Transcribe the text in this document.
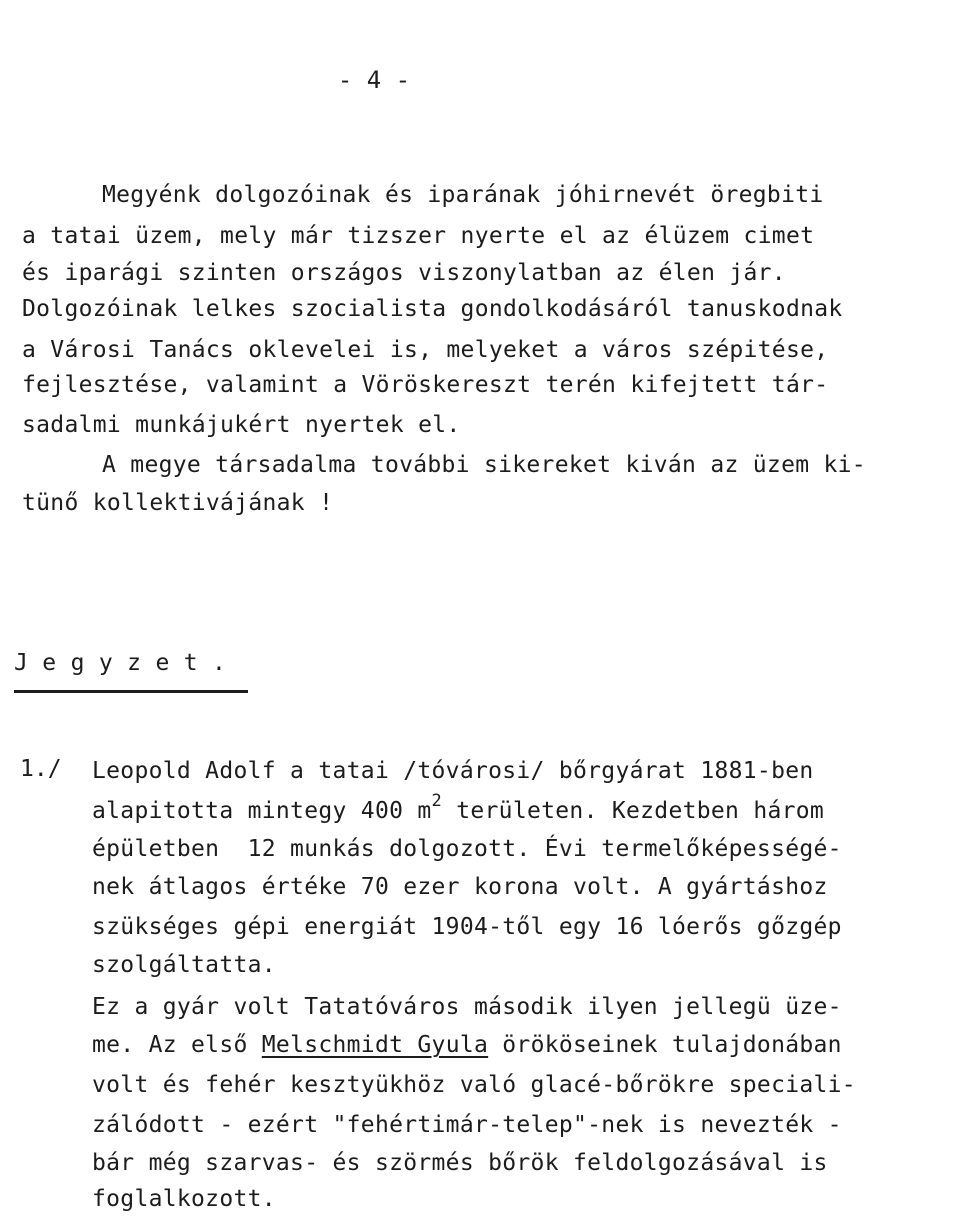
- 4 -
Megyénk dolgozóinak és iparának jóhirnevét öregbiti
a tatai üzem, mely már tizszer nyerte el az élüzem cimet
és iparági szinten országos viszonylatban az élen jár.
Dolgozóinak lelkes szocialista gondolkodásáról tanuskodnak
a Városi Tanács oklevelei is, melyeket a város szépitése,
fejlesztése, valamint a Vöröskereszt terén kifejtett tár-
sadalmi munkájukért nyertek el.
A megye társadalma további sikereket kiván az üzem ki-
tünő kollektivájának !
J e g y z e t .
1./ Leopold Adolf a tatai /tóvárosi/ bőrgyárat 1881-ben
alapitotta mintegy 400 $m^2$ területen. Kezdetben három
épületben  12 munkás dolgozott. Évi termelőképességé-
nek átlagos értéke 70 ezer korona volt. A gyártáshoz
szükséges gépi energiát 1904-től egy 16 lóerős gőzgép
szolgáltatta.
Ez a gyár volt Tatatóváros második ilyen jellegü üze-
me. Az első Melschmidt Gyula örököseinek tulajdonában
volt és fehér kesztyükhöz való glacé-bőrökre speciali-
zálódott - ezért "fehértimár-telep"-nek is nevezték -
bár még szarvas- és szörmés bőrök feldolgozásával is
foglalkozott.
